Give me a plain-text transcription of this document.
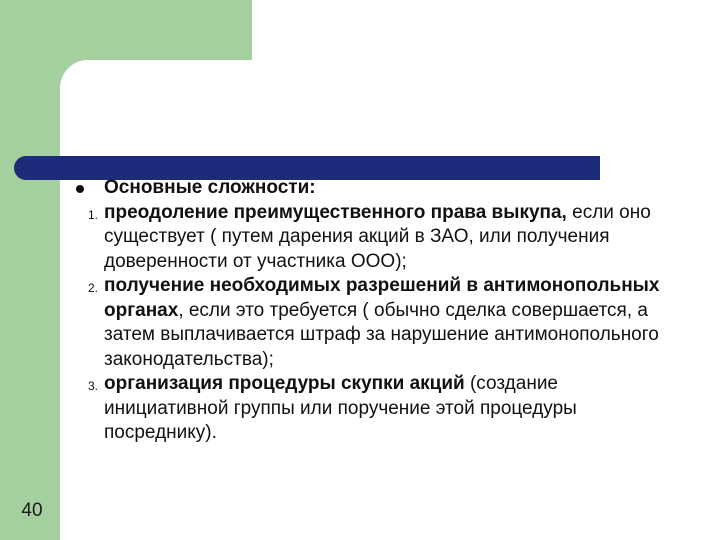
40
Основные сложности:
1. преодоление преимущественного права выкупа, если оно существует ( путем дарения акций в ЗАО, или получения доверенности от участника ООО);
2. получение необходимых разрешений в антимонопольных органах, если это требуется ( обычно сделка совершается, а затем выплачивается штраф за нарушение антимонопольного законодательства);
3. организация процедуры скупки акций (создание инициативной группы или поручение этой процедуры посреднику).
